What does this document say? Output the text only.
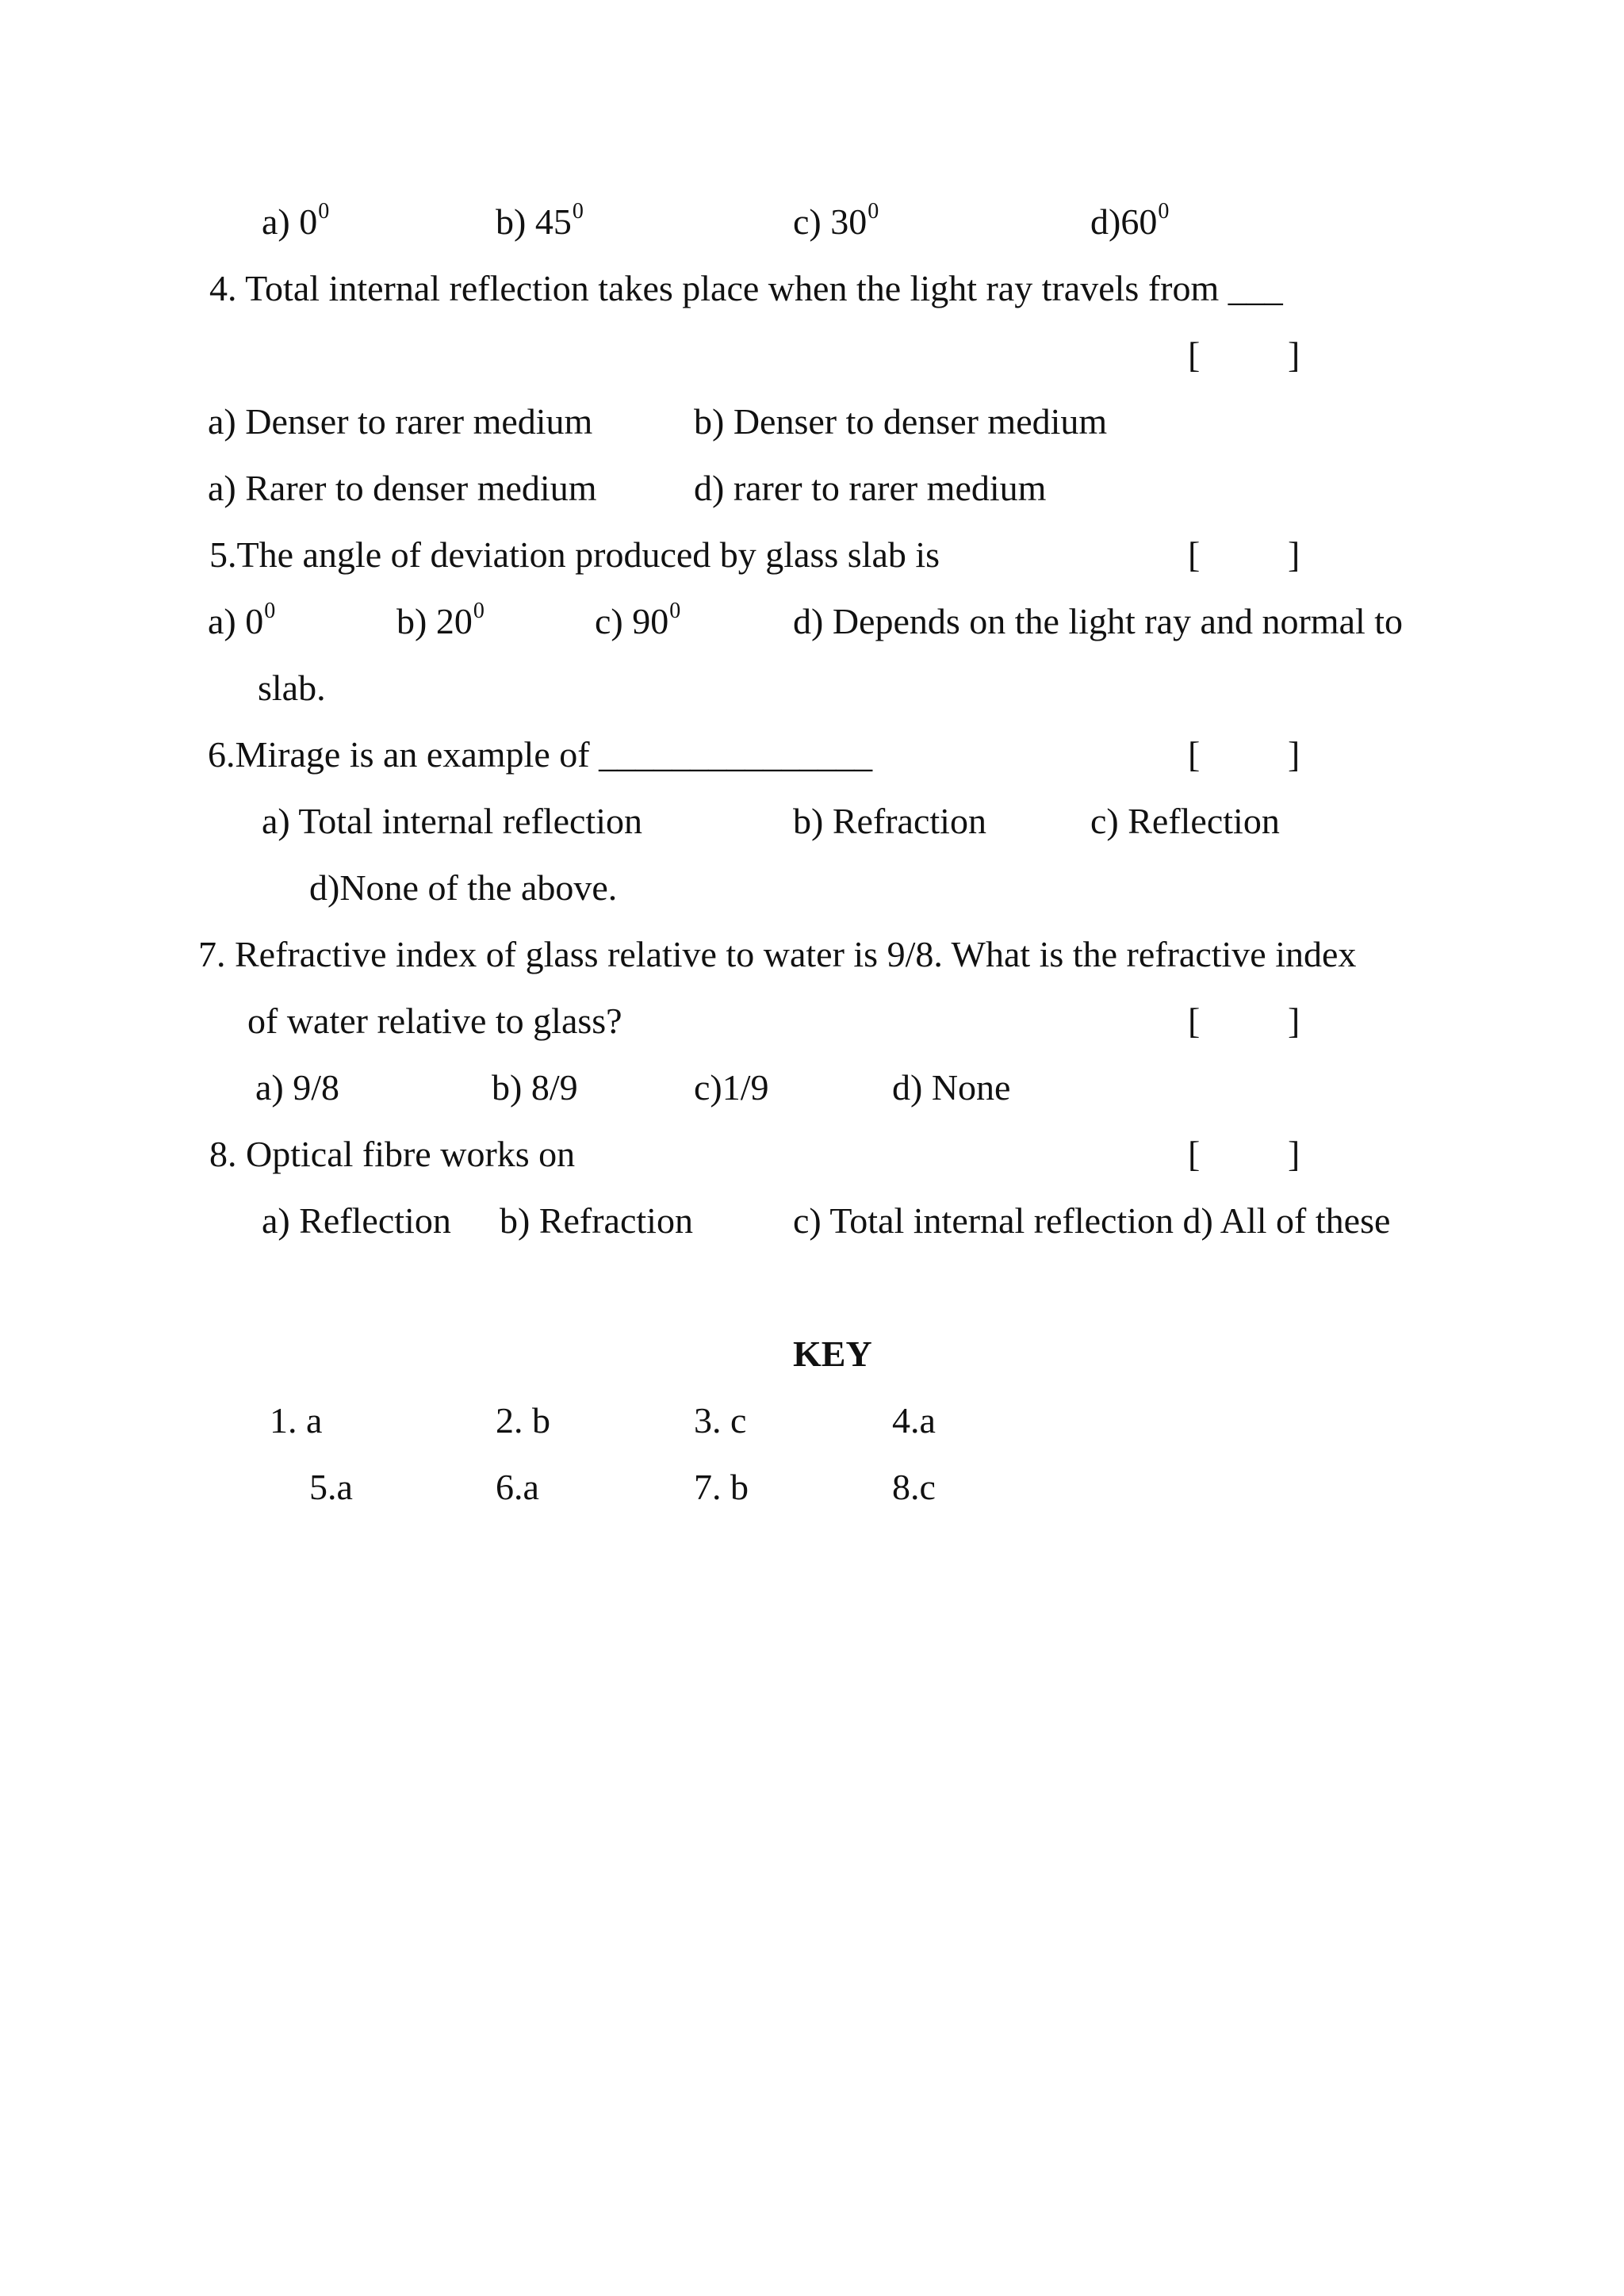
a) $0^0$	b) $45^0$	c) $30^0$	$d)60^0$
4. Total internal reflection takes place when the light ray travels from ___
[ ]
a) Denser to rarer medium	b) Denser to denser medium
a) Rarer to denser medium	d) rarer to rarer medium
5.The angle of deviation produced by glass slab is	[ ]
a) $0^0$	b) $20^0$	c) $90^0$	d) Depends on the light ray and normal to
slab.
6.Mirage is an example of _______________	[ ]
a) Total internal reflection	b) Refraction	c) Reflection
d)None of the above.
7. Refractive index of glass relative to water is 9/8. What is the refractive index
of water relative to glass?	[ ]
a) 9/8	b) 8/9	c)1/9	d) None
8. Optical fibre works on	[ ]
a) Reflection b) Refraction	c) Total internal reflection d) All of these
KEY
1. a	2. b	3. c	4.a
5.a	6.a	7. b	8.c
